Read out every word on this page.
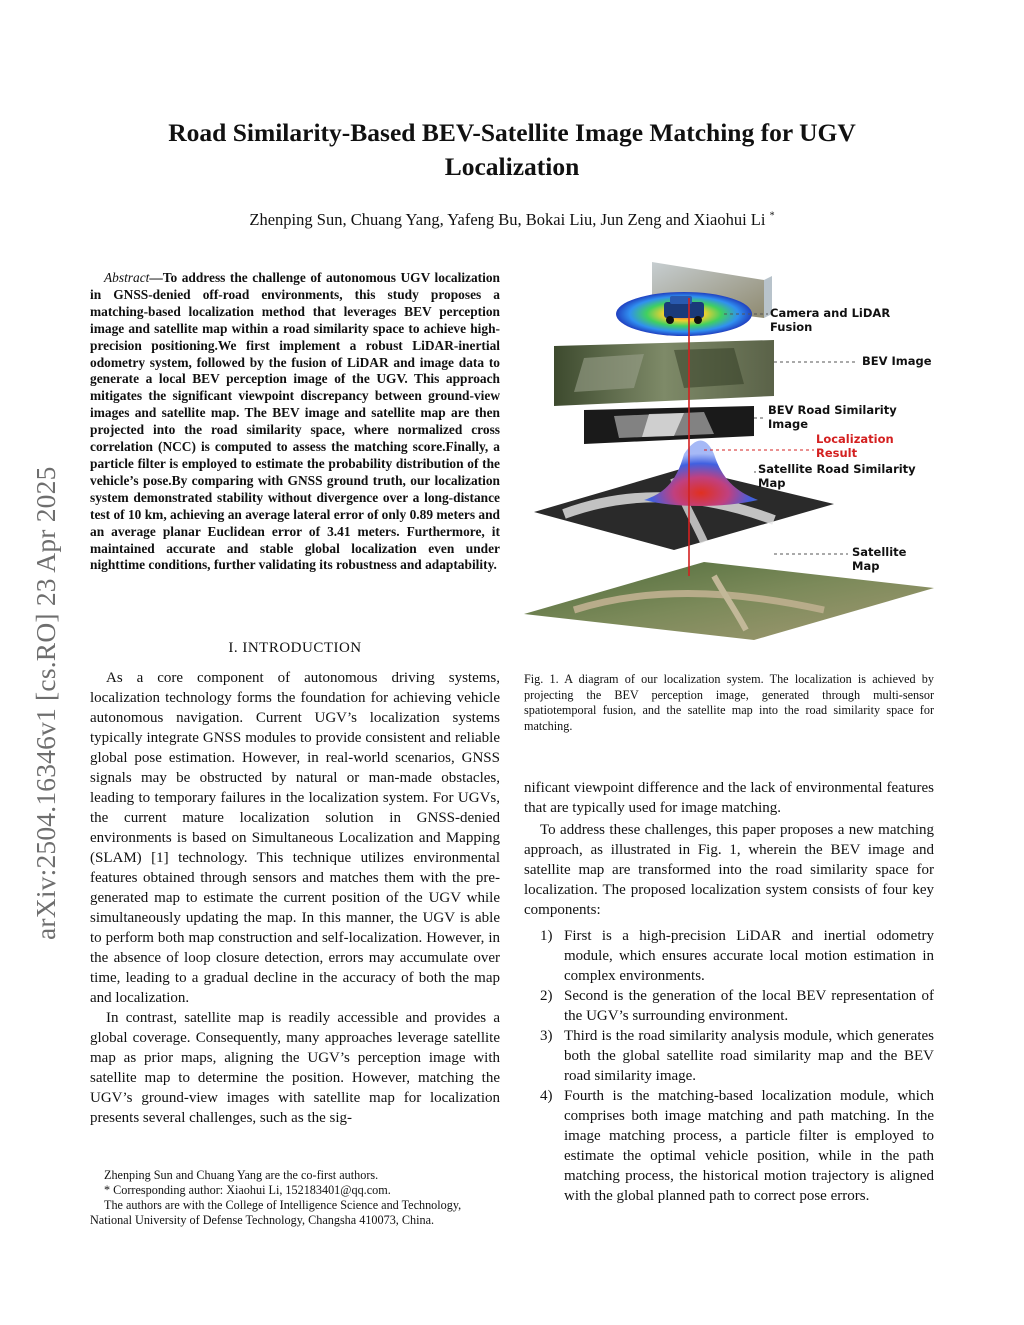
Road Similarity-Based BEV-Satellite Image Matching for UGV Localization
Zhenping Sun, Chuang Yang, Yafeng Bu, Bokai Liu, Jun Zeng and Xiaohui Li *
arXiv:2504.16346v1 [cs.RO] 23 Apr 2025

Abstract—To address the challenge of autonomous UGV localization in GNSS-denied off-road environments, this study proposes a matching-based localization method that leverages BEV perception image and satellite map within a road similarity space to achieve high-precision positioning.We first implement a robust LiDAR-inertial odometry system, followed by the fusion of LiDAR and image data to generate a local BEV perception image of the UGV. This approach mitigates the significant viewpoint discrepancy between ground-view images and satellite map. The BEV image and satellite map are then projected into the road similarity space, where normalized cross correlation (NCC) is computed to assess the matching score.Finally, a particle filter is employed to estimate the probability distribution of the vehicle’s pose.By comparing with GNSS ground truth, our localization system demonstrated stability without divergence over a long-distance test of 10 km, achieving an average lateral error of only 0.89 meters and an average planar Euclidean error of 3.41 meters. Furthermore, it maintained accurate and stable global localization even under nighttime conditions, further validating its robustness and adaptability.

I. INTRODUCTION

As a core component of autonomous driving systems, localization technology forms the foundation for achieving vehicle autonomous navigation. Current UGV’s localization systems typically integrate GNSS modules to provide consistent and reliable global pose estimation. However, in real-world scenarios, GNSS signals may be obstructed by natural or man-made obstacles, leading to temporary failures in the localization system. For UGVs, the current mature localization solution in GNSS-denied environments is based on Simultaneous Localization and Mapping (SLAM) [1] technology. This technique utilizes environmental features obtained through sensors and matches them with the pre-generated map to estimate the current position of the UGV while simultaneously updating the map. In this manner, the UGV is able to perform both map construction and self-localization. However, in the absence of loop closure detection, errors may accumulate over time, leading to a gradual decline in the accuracy of both the map and localization.

In contrast, satellite map is readily accessible and provides a global coverage. Consequently, many approaches leverage satellite map as prior maps, aligning the UGV’s perception image with satellite map to determine the position. However, matching the UGV’s ground-view images with satellite map for localization presents several challenges, such as the sig-

Zhenping Sun and Chuang Yang are the co-first authors.

* Corresponding author: Xiaohui Li, 152183401@qq.com.

The authors are with the College of Intelligence Science and Technology, National University of Defense Technology, Changsha 410073, China.

Camera and LiDAR Fusion
BEV Image
BEV Road Similarity Image
Localization Result
Satellite Road Similarity Map
Satellite Map
Fig. 1. A diagram of our localization system. The localization is achieved by projecting the BEV perception image, generated through multi-sensor spatiotemporal fusion, and the satellite map into the road similarity space for matching.

nificant viewpoint difference and the lack of environmental features that are typically used for image matching.

To address these challenges, this paper proposes a new matching approach, as illustrated in Fig. 1, wherein the BEV image and satellite map are transformed into the road similarity space for localization. The proposed localization system consists of four key components:

1) First is a high-precision LiDAR and inertial odometry module, which ensures accurate local motion estimation in complex environments.
2) Second is the generation of the local BEV representation of the UGV’s surrounding environment.
3) Third is the road similarity analysis module, which generates both the global satellite road similarity map and the BEV road similarity image.
4) Fourth is the matching-based localization module, which comprises both image matching and path matching. In the image matching process, a particle filter is employed to estimate the optimal vehicle position, while in the path matching process, the historical motion trajectory is aligned with the global planned path to correct pose errors.
